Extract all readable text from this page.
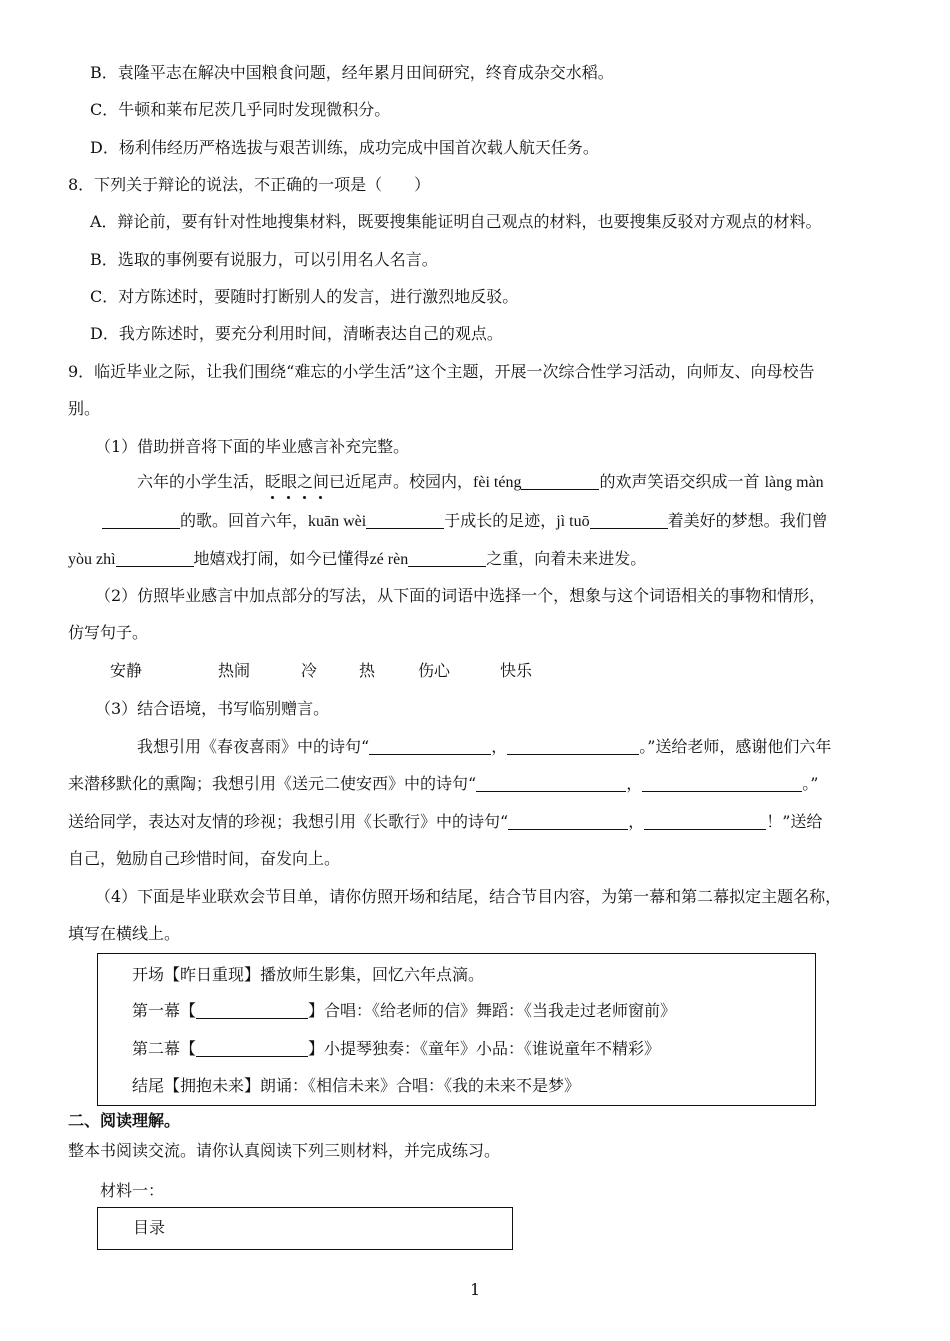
B．袁隆平志在解决中国粮食问题，经年累月田间研究，终育成杂交水稻。
C．牛顿和莱布尼茨几乎同时发现微积分。
D．杨利伟经历严格选拔与艰苦训练，成功完成中国首次载人航天任务。
8．下列关于辩论的说法，不正确的一项是（　　）
A．辩论前，要有针对性地搜集材料，既要搜集能证明自己观点的材料，也要搜集反驳对方观点的材料。
B．选取的事例要有说服力，可以引用名人名言。
C．对方陈述时，要随时打断别人的发言，进行激烈地反驳。
D．我方陈述时，要充分利用时间，清晰表达自己的观点。
9．临近毕业之际，让我们围绕“难忘的小学生活”这个主题，开展一次综合性学习活动，向师友、向母校告
别。
（1）借助拼音将下面的毕业感言补充完整。
六年的小学生活，眨眼之间
已近尾声。校园内，fèi téng	的欢声笑语交织成一首 làng màn
的歌。回首六年，kuān wèi	于成长的足迹，jì tuō	着美好的梦想。我们曾
yòu zhì	地嬉戏打闹，如今已懂得zé rèn	之重，向着未来进发。
（2）仿照毕业感言中加点部分的写法，从下面的词语中选择一个，想象与这个词语相关的事物和情形，
仿写句子。
安静	热闹	冷	热	伤心	快乐
（3）结合语境，书写临别赠言。
我想引用《春夜喜雨》中的诗句“	，	。”送给老师，感谢他们六年
来潜移默化的熏陶；我想引用《送元二使安西》中的诗句“	，	。”
送给同学，表达对友情的珍视；我想引用《长歌行》中的诗句“	，	！”送给
自己，勉励自己珍惜时间，奋发向上。
（4）下面是毕业联欢会节目单，请你仿照开场和结尾，结合节目内容，为第一幕和第二幕拟定主题名称，
填写在横线上。
开场【昨日重现】播放师生影集，回忆六年点滴。
第一幕【	】合唱：《给老师的信》舞蹈：《当我走过老师窗前》
第二幕【	】小提琴独奏：《童年》小品：《谁说童年不精彩》
结尾【拥抱未来】朗诵：《相信未来》合唱：《我的未来不是梦》
二、阅读理解。
整本书阅读交流。请你认真阅读下列三则材料，并完成练习。
材料一：
目录
1
